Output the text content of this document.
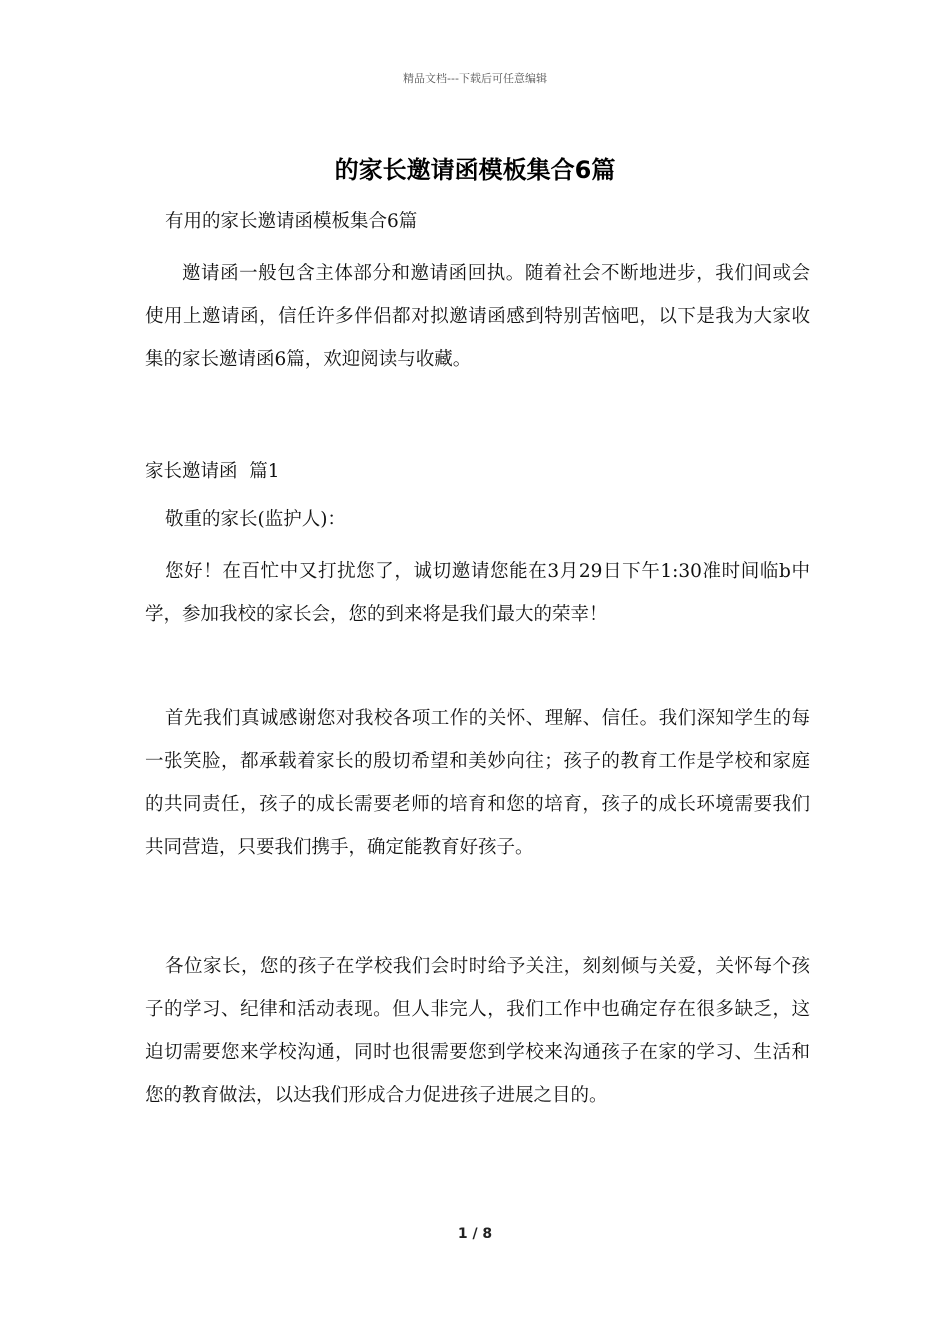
精品文档---下载后可任意编辑
的家长邀请函模板集合6篇
有用的家长邀请函模板集合6篇
邀请函一般包含主体部分和邀请函回执。随着社会不断地进步，我们间或会使用上邀请函，信任许多伴侣都对拟邀请函感到特别苦恼吧，以下是我为大家收集的家长邀请函6篇，欢迎阅读与收藏。
家长邀请函  篇1
敬重的家长(监护人)：
您好！在百忙中又打扰您了，诚切邀请您能在3月29日下午1:30准时间临b中学，参加我校的家长会，您的到来将是我们最大的荣幸！
首先我们真诚感谢您对我校各项工作的关怀、理解、信任。我们深知学生的每一张笑脸，都承载着家长的殷切希望和美妙向往；孩子的教育工作是学校和家庭的共同责任，孩子的成长需要老师的培育和您的培育，孩子的成长环境需要我们共同营造，只要我们携手，确定能教育好孩子。
各位家长，您的孩子在学校我们会时时给予关注，刻刻倾与关爱，关怀每个孩子的学习、纪律和活动表现。但人非完人，我们工作中也确定存在很多缺乏，这迫切需要您来学校沟通，同时也很需要您到学校来沟通孩子在家的学习、生活和您的教育做法，以达我们形成合力促进孩子进展之目的。
1 / 8
